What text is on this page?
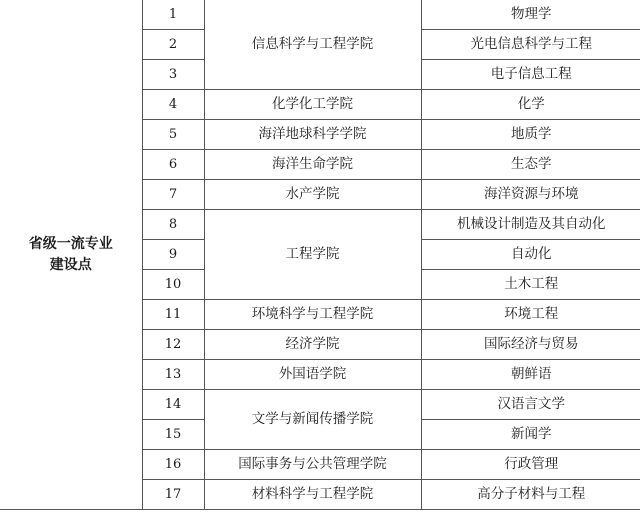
省级一流专业
建设点	1	信息科学与工程学院	物理学
	2		光电信息科学与工程
	3		电子信息工程
	4	化学化工学院	化学
	5	海洋地球科学学院	地质学
	6	海洋生命学院	生态学
	7	水产学院	海洋资源与环境
	8	工程学院	机械设计制造及其自动化
	9		自动化
	10		土木工程
	11	环境科学与工程学院	环境工程
	12	经济学院	国际经济与贸易
	13	外国语学院	朝鲜语
	14	文学与新闻传播学院	汉语言文学
	15		新闻学
	16	国际事务与公共管理学院	行政管理
	17	材料科学与工程学院	高分子材料与工程
